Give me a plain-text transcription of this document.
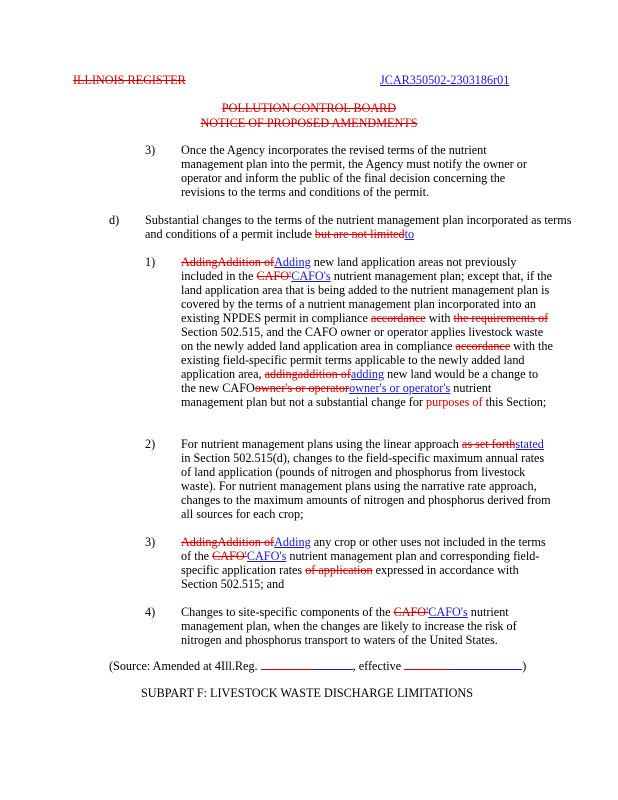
ILLINOIS REGISTER	JCAR350502-2303186r01
POLLUTION CONTROL BOARD
NOTICE OF PROPOSED AMENDMENTS
3) Once the Agency incorporates the revised terms of the nutrient management plan into the permit, the Agency must notify the owner or operator and inform the public of the final decision concerning the revisions to the terms and conditions of the permit.
d) Substantial changes to the terms of the nutrient management plan incorporated as terms and conditions of a permit include but are not limitedto
1) AddingAddition ofAdding new land application areas not previously included in the CAFO'CAFO's nutrient management plan; except that, if the land application area that is being added to the nutrient management plan is covered by the terms of a nutrient management plan incorporated into an existing NPDES permit in compliance accordance with the requirements of Section 502.515, and the CAFO owner or operator applies livestock waste on the newly added land application area in compliance accordance with the existing field-specific permit terms applicable to the newly added land application area, addingaddition ofadding new land would be a change to the new CAFOowner's or operatorowner's or operator's nutrient management plan but not a substantial change for purposes of this Section;
2) For nutrient management plans using the linear approach as set forthstated in Section 502.515(d), changes to the field-specific maximum annual rates of land application (pounds of nitrogen and phosphorus from livestock waste). For nutrient management plans using the narrative rate approach, changes to the maximum amounts of nitrogen and phosphorus derived from all sources for each crop;
3) AddingAddition ofAdding any crop or other uses not included in the terms of the CAFO'CAFO's nutrient management plan and corresponding field-specific application rates of application expressed in accordance with Section 502.515; and
4) Changes to site-specific components of the CAFO'CAFO's nutrient management plan, when the changes are likely to increase the risk of nitrogen and phosphorus transport to waters of the United States.
(Source: Amended at 4Ill.Reg.	, effective	)
SUBPART F: LIVESTOCK WASTE DISCHARGE LIMITATIONS
